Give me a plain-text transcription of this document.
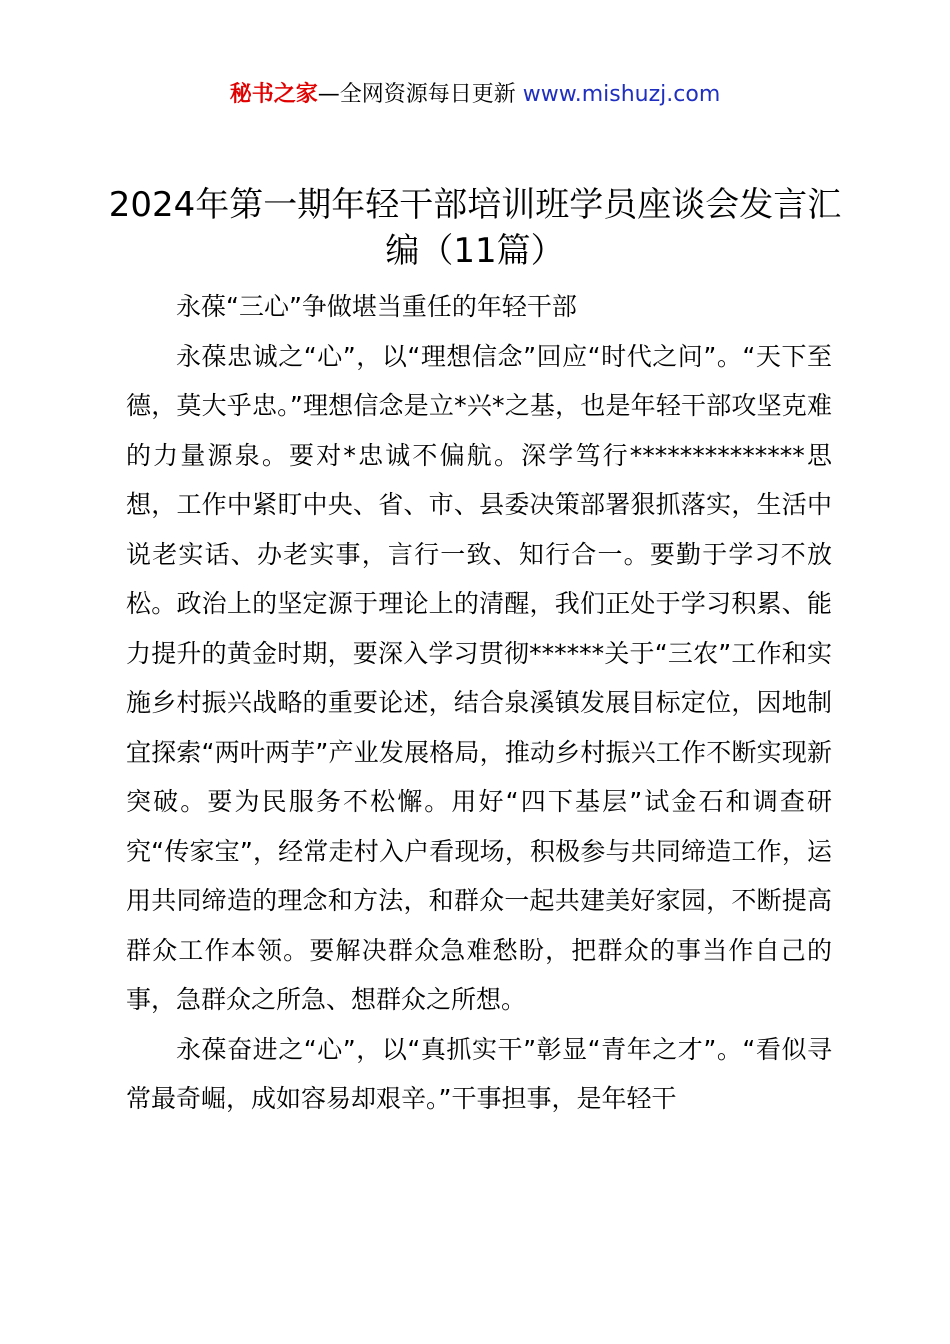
秘书之家—全网资源每日更新 www.mishuzj.com
2024年第一期年轻干部培训班学员座谈会发言汇编（11篇）

永葆“三心”争做堪当重任的年轻干部

永葆忠诚之“心”，以“理想信念”回应“时代之问”。“天下至德，莫大乎忠。”理想信念是立*兴*之基，也是年轻干部攻坚克难的力量源泉。要对*忠诚不偏航。深学笃行**************思想，工作中紧盯中央、省、市、县委决策部署狠抓落实，生活中说老实话、办老实事，言行一致、知行合一。要勤于学习不放松。政治上的坚定源于理论上的清醒，我们正处于学习积累、能力提升的黄金时期，要深入学习贯彻******关于“三农”工作和实施乡村振兴战略的重要论述，结合泉溪镇发展目标定位，因地制宜探索“两叶两芋”产业发展格局，推动乡村振兴工作不断实现新突破。要为民服务不松懈。用好“四下基层”试金石和调查研究“传家宝”，经常走村入户看现场，积极参与共同缔造工作，运用共同缔造的理念和方法，和群众一起共建美好家园，不断提高群众工作本领。要解决群众急难愁盼，把群众的事当作自己的事，急群众之所急、想群众之所想。

永葆奋进之“心”，以“真抓实干”彰显“青年之才”。“看似寻常最奇崛，成如容易却艰辛。”干事担事，是年轻干
